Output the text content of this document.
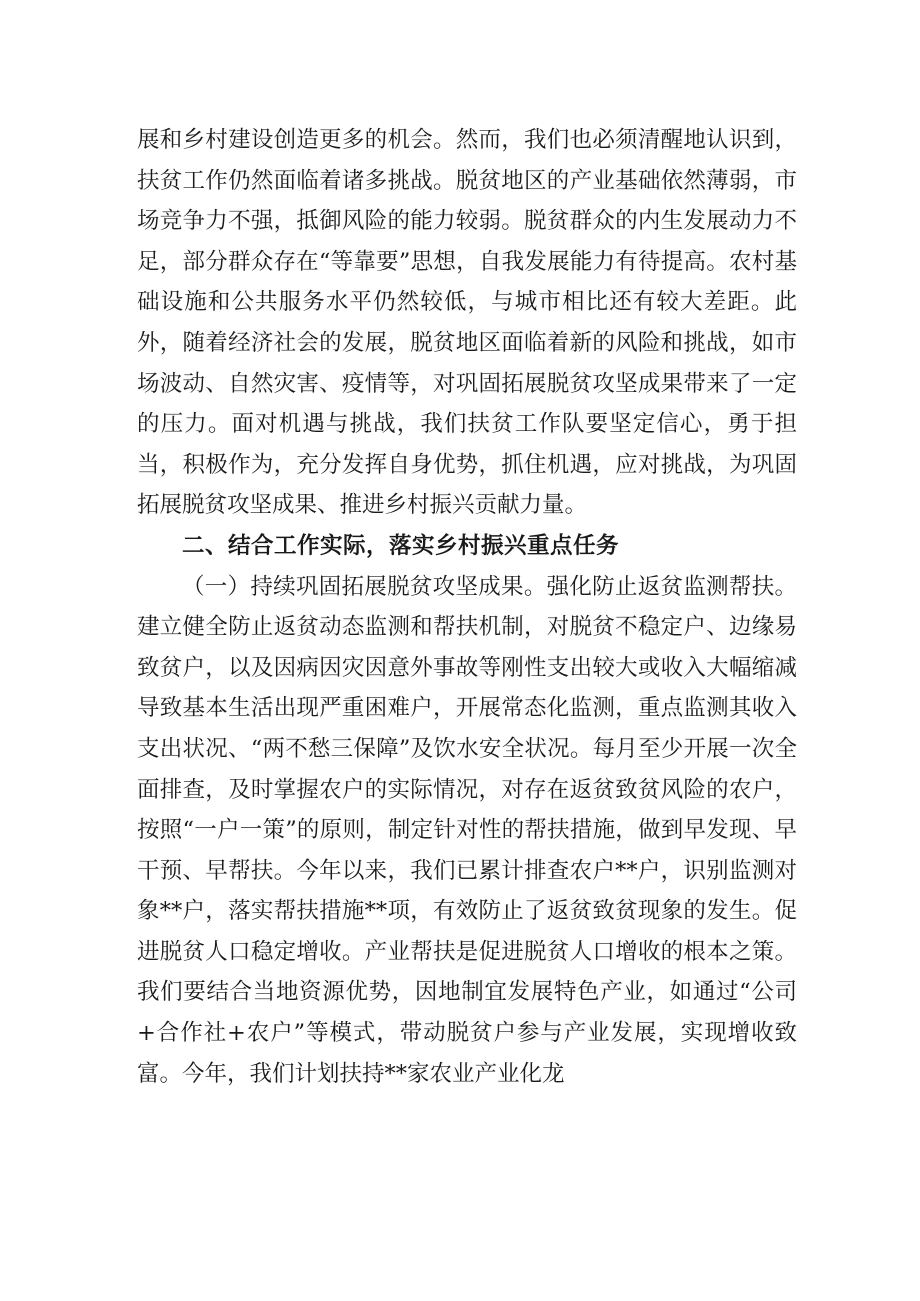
展和乡村建设创造更多的机会。然而，我们也必须清醒地认识到，扶贫工作仍然面临着诸多挑战。脱贫地区的产业基础依然薄弱，市场竞争力不强，抵御风险的能力较弱。脱贫群众的内生发展动力不足，部分群众存在“等靠要”思想，自我发展能力有待提高。农村基础设施和公共服务水平仍然较低，与城市相比还有较大差距。此外，随着经济社会的发展，脱贫地区面临着新的风险和挑战，如市场波动、自然灾害、疫情等，对巩固拓展脱贫攻坚成果带来了一定的压力。面对机遇与挑战，我们扶贫工作队要坚定信心，勇于担当，积极作为，充分发挥自身优势，抓住机遇，应对挑战，为巩固拓展脱贫攻坚成果、推进乡村振兴贡献力量。

二、结合工作实际，落实乡村振兴重点任务

（一）持续巩固拓展脱贫攻坚成果。强化防止返贫监测帮扶。建立健全防止返贫动态监测和帮扶机制，对脱贫不稳定户、边缘易致贫户，以及因病因灾因意外事故等刚性支出较大或收入大幅缩减导致基本生活出现严重困难户，开展常态化监测，重点监测其收入支出状况、“两不愁三保障”及饮水安全状况。每月至少开展一次全面排查，及时掌握农户的实际情况，对存在返贫致贫风险的农户，按照“一户一策”的原则，制定针对性的帮扶措施，做到早发现、早干预、早帮扶。今年以来，我们已累计排查农户**户，识别监测对象**户，落实帮扶措施**项，有效防止了返贫致贫现象的发生。促进脱贫人口稳定增收。产业帮扶是促进脱贫人口增收的根本之策。我们要结合当地资源优势，因地制宜发展特色产业，如通过“公司+合作社+农户”等模式，带动脱贫户参与产业发展，实现增收致富。今年，我们计划扶持**家农业产业化龙
